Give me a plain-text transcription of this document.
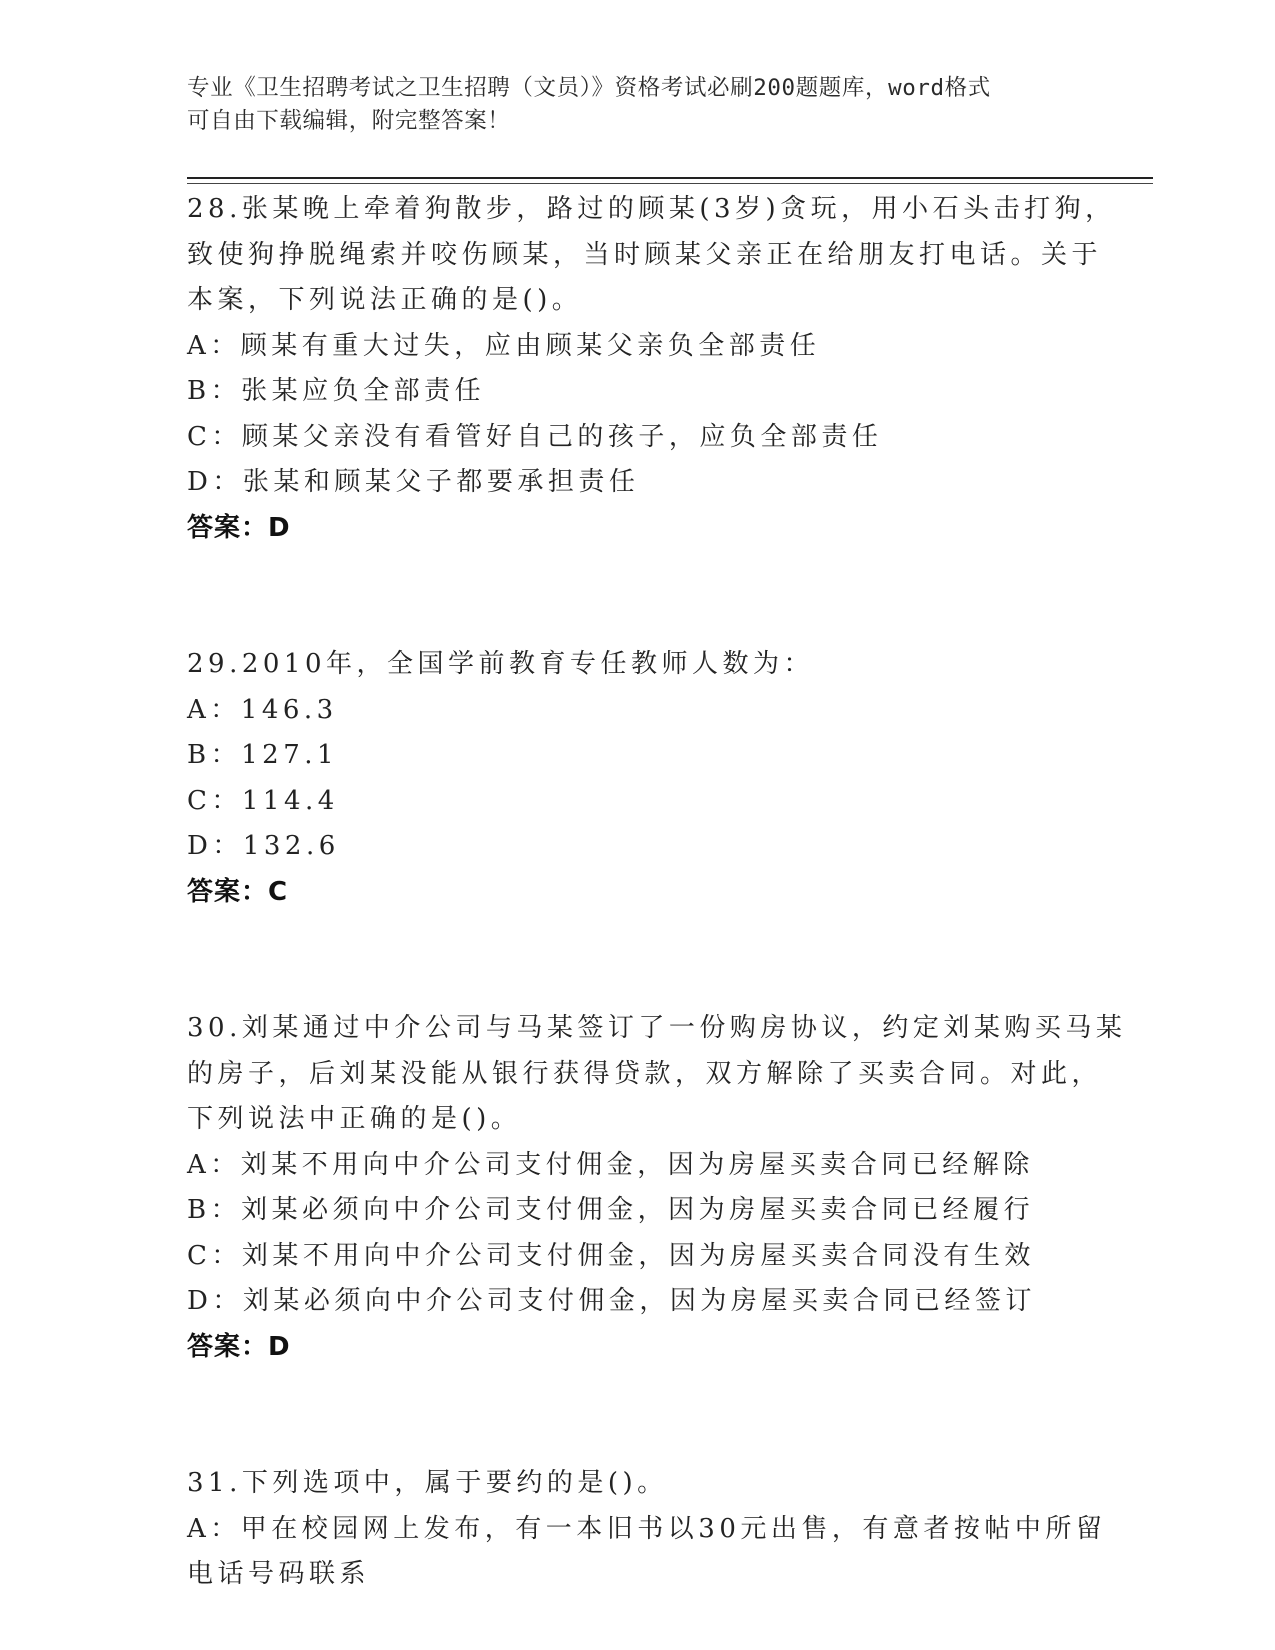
专业《卫生招聘考试之卫生招聘（文员）》资格考试必刷200题题库，word格式
可自由下载编辑，附完整答案！
28.张某晚上牵着狗散步，路过的顾某(3岁)贪玩，用小石头击打狗，
致使狗挣脱绳索并咬伤顾某，当时顾某父亲正在给朋友打电话。关于
本案，下列说法正确的是()。
A：顾某有重大过失，应由顾某父亲负全部责任
B：张某应负全部责任
C：顾某父亲没有看管好自己的孩子，应负全部责任
D：张某和顾某父子都要承担责任
答案：D
29.2010年，全国学前教育专任教师人数为：
A：146.3
B：127.1
C：114.4
D：132.6
答案：C
30.刘某通过中介公司与马某签订了一份购房协议，约定刘某购买马某
的房子，后刘某没能从银行获得贷款，双方解除了买卖合同。对此，
下列说法中正确的是()。
A：刘某不用向中介公司支付佣金，因为房屋买卖合同已经解除
B：刘某必须向中介公司支付佣金，因为房屋买卖合同已经履行
C：刘某不用向中介公司支付佣金，因为房屋买卖合同没有生效
D：刘某必须向中介公司支付佣金，因为房屋买卖合同已经签订
答案：D
31.下列选项中，属于要约的是()。
A：甲在校园网上发布，有一本旧书以30元出售，有意者按帖中所留
电话号码联系
